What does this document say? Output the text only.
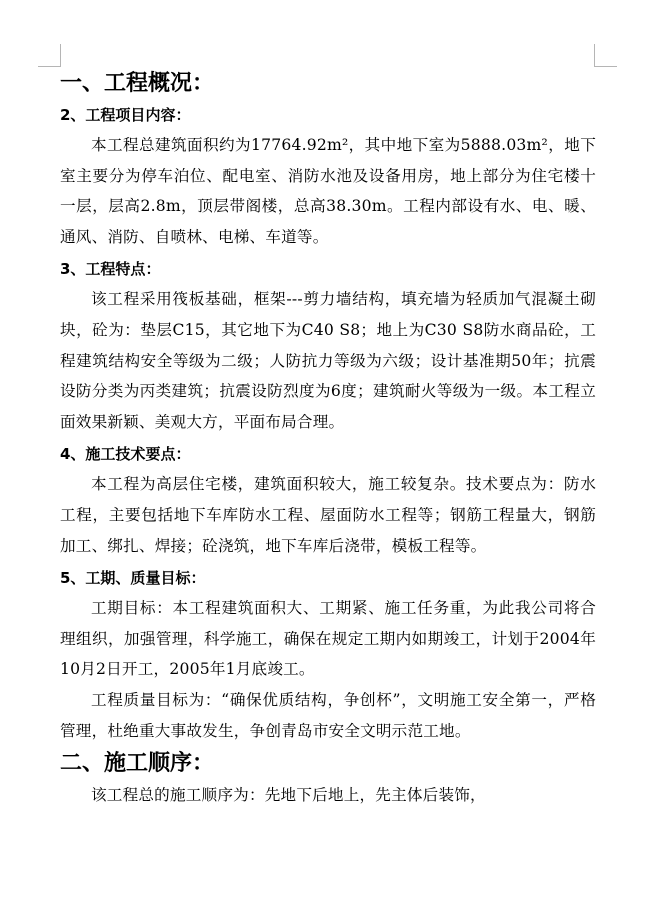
一、工程概况：
2、工程项目内容：

本工程总建筑面积约为17764.92m²，其中地下室为5888.03m²，地下室主要分为停车泊位、配电室、消防水池及设备用房，地上部分为住宅楼十一层，层高2.8m，顶层带阁楼，总高38.30m。工程内部设有水、电、暖、通风、消防、自喷林、电梯、车道等。

3、工程特点：

该工程采用筏板基础，框架---剪力墙结构，填充墙为轻质加气混凝土砌块，砼为：垫层C15，其它地下为C40 S8；地上为C30 S8防水商品砼，工程建筑结构安全等级为二级；人防抗力等级为六级；设计基准期50年；抗震设防分类为丙类建筑；抗震设防烈度为6度；建筑耐火等级为一级。本工程立面效果新颖、美观大方，平面布局合理。

4、施工技术要点：

本工程为高层住宅楼，建筑面积较大，施工较复杂。技术要点为：防水工程，主要包括地下车库防水工程、屋面防水工程等；钢筋工程量大，钢筋加工、绑扎、焊接；砼浇筑，地下车库后浇带，模板工程等。

5、工期、质量目标：

工期目标：本工程建筑面积大、工期紧、施工任务重，为此我公司将合理组织，加强管理，科学施工，确保在规定工期内如期竣工，计划于2004年10月2日开工，2005年1月底竣工。

工程质量目标为：“确保优质结构，争创杯”，文明施工安全第一，严格管理，杜绝重大事故发生，争创青岛市安全文明示范工地。

二、施工顺序：

该工程总的施工顺序为：先地下后地上，先主体后装饰，
